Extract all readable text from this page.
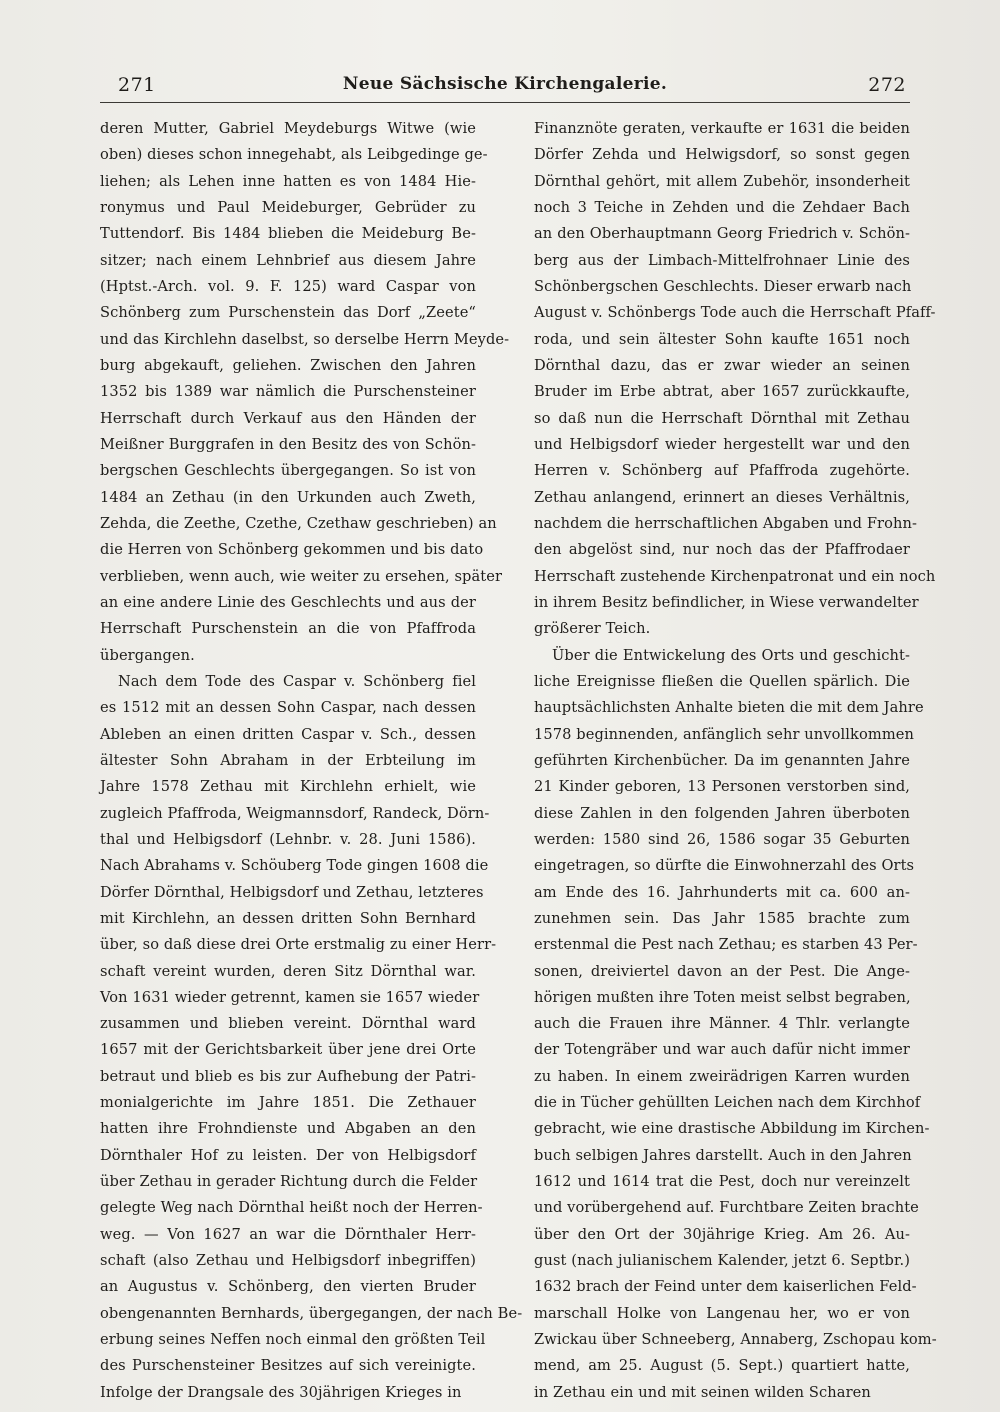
271	Neue Sächsische Kirchengalerie.	272
deren Mutter, Gabriel Meydeburgs Witwe (wie
oben) dieses schon innegehabt, als Leibgedinge ge-
liehen; als Lehen inne hatten es von 1484 Hie-
ronymus und Paul Meideburger, Gebrüder zu
Tuttendorf. Bis 1484 blieben die Meideburg Be-
sitzer; nach einem Lehnbrief aus diesem Jahre
(Hptst.-Arch. vol. 9. F. 125) ward Caspar von
Schönberg zum Purschenstein das Dorf „Zeete“
und das Kirchlehn daselbst, so derselbe Herrn Meyde-
burg abgekauft, geliehen. Zwischen den Jahren
1352 bis 1389 war nämlich die Purschensteiner
Herrschaft durch Verkauf aus den Händen der
Meißner Burggrafen in den Besitz des von Schön-
bergschen Geschlechts übergegangen. So ist von
1484 an Zethau (in den Urkunden auch Zweth,
Zehda, die Zeethe, Czethe, Czethaw geschrieben) an
die Herren von Schönberg gekommen und bis dato
verblieben, wenn auch, wie weiter zu ersehen, später
an eine andere Linie des Geschlechts und aus der
Herrschaft Purschenstein an die von Pfaffroda
übergangen.
Nach dem Tode des Caspar v. Schönberg fiel
es 1512 mit an dessen Sohn Caspar, nach dessen
Ableben an einen dritten Caspar v. Sch., dessen
ältester Sohn Abraham in der Erbteilung im
Jahre 1578 Zethau mit Kirchlehn erhielt, wie
zugleich Pfaffroda, Weigmannsdorf, Randeck, Dörn-
thal und Helbigsdorf (Lehnbr. v. 28. Juni 1586).
Nach Abrahams v. Schöuberg Tode gingen 1608 die
Dörfer Dörnthal, Helbigsdorf und Zethau, letzteres
mit Kirchlehn, an dessen dritten Sohn Bernhard
über, so daß diese drei Orte erstmalig zu einer Herr-
schaft vereint wurden, deren Sitz Dörnthal war.
Von 1631 wieder getrennt, kamen sie 1657 wieder
zusammen und blieben vereint. Dörnthal ward
1657 mit der Gerichtsbarkeit über jene drei Orte
betraut und blieb es bis zur Aufhebung der Patri-
monialgerichte im Jahre 1851. Die Zethauer
hatten ihre Frohndienste und Abgaben an den
Dörnthaler Hof zu leisten. Der von Helbigsdorf
über Zethau in gerader Richtung durch die Felder
gelegte Weg nach Dörnthal heißt noch der Herren-
weg. — Von 1627 an war die Dörnthaler Herr-
schaft (also Zethau und Helbigsdorf inbegriffen)
an Augustus v. Schönberg, den vierten Bruder
obengenannten Bernhards, übergegangen, der nach Be-
erbung seines Neffen noch einmal den größten Teil
des Purschensteiner Besitzes auf sich vereinigte.
Infolge der Drangsale des 30jährigen Krieges in
Finanznöte geraten, verkaufte er 1631 die beiden
Dörfer Zehda und Helwigsdorf, so sonst gegen
Dörnthal gehört, mit allem Zubehör, insonderheit
noch 3 Teiche in Zehden und die Zehdaer Bach
an den Oberhauptmann Georg Friedrich v. Schön-
berg aus der Limbach-Mittelfrohnaer Linie des
Schönbergschen Geschlechts. Dieser erwarb nach
August v. Schönbergs Tode auch die Herrschaft Pfaff-
roda, und sein ältester Sohn kaufte 1651 noch
Dörnthal dazu, das er zwar wieder an seinen
Bruder im Erbe abtrat, aber 1657 zurückkaufte,
so daß nun die Herrschaft Dörnthal mit Zethau
und Helbigsdorf wieder hergestellt war und den
Herren v. Schönberg auf Pfaffroda zugehörte.
Zethau anlangend, erinnert an dieses Verhältnis,
nachdem die herrschaftlichen Abgaben und Frohn-
den abgelöst sind, nur noch das der Pfaffrodaer
Herrschaft zustehende Kirchenpatronat und ein noch
in ihrem Besitz befindlicher, in Wiese verwandelter
größerer Teich.
Über die Entwickelung des Orts und geschicht-
liche Ereignisse fließen die Quellen spärlich. Die
hauptsächlichsten Anhalte bieten die mit dem Jahre
1578 beginnenden, anfänglich sehr unvollkommen
geführten Kirchenbücher. Da im genannten Jahre
21 Kinder geboren, 13 Personen verstorben sind,
diese Zahlen in den folgenden Jahren überboten
werden: 1580 sind 26, 1586 sogar 35 Geburten
eingetragen, so dürfte die Einwohnerzahl des Orts
am Ende des 16. Jahrhunderts mit ca. 600 an-
zunehmen sein. Das Jahr 1585 brachte zum
erstenmal die Pest nach Zethau; es starben 43 Per-
sonen, dreiviertel davon an der Pest. Die Ange-
hörigen mußten ihre Toten meist selbst begraben,
auch die Frauen ihre Männer. 4 Thlr. verlangte
der Totengräber und war auch dafür nicht immer
zu haben. In einem zweirädrigen Karren wurden
die in Tücher gehüllten Leichen nach dem Kirchhof
gebracht, wie eine drastische Abbildung im Kirchen-
buch selbigen Jahres darstellt. Auch in den Jahren
1612 und 1614 trat die Pest, doch nur vereinzelt
und vorübergehend auf. Furchtbare Zeiten brachte
über den Ort der 30jährige Krieg. Am 26. Au-
gust (nach julianischem Kalender, jetzt 6. Septbr.)
1632 brach der Feind unter dem kaiserlichen Feld-
marschall Holke von Langenau her, wo er von
Zwickau über Schneeberg, Annaberg, Zschopau kom-
mend, am 25. August (5. Sept.) quartiert hatte,
in Zethau ein und mit seinen wilden Scharen
